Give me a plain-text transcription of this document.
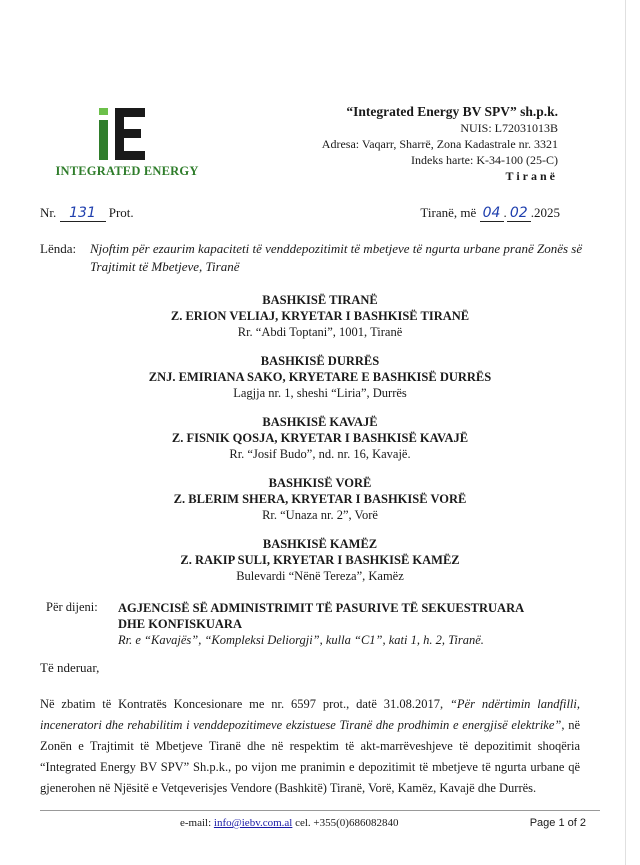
INTEGRATED ENERGY
“Integrated Energy BV SPV” sh.p.k.
NUIS: L72031013B
Adresa: Vaqarr, Sharrë, Zona Kadastrale nr. 3321
Indeks harte: K-34-100 (25-C)
Tiranë
Nr. 131 Prot.	Tiranë, më 04 . 02 .2025
Lënda: Njoftim për ezaurim kapaciteti të venddepozitimit të mbetjeve të ngurta urbane pranë Zonës së Trajtimit të Mbetjeve, Tiranë
BASHKISË TIRANË
Z. ERION VELIAJ, KRYETAR I BASHKISË TIRANË
Rr. “Abdi Toptani”, 1001, Tiranë
BASHKISË DURRËS
ZNJ. EMIRIANA SAKO, KRYETARE E BASHKISË DURRËS
Lagjja nr. 1, sheshi “Liria”, Durrës
BASHKISË KAVAJË
Z. FISNIK QOSJA, KRYETAR I BASHKISË KAVAJË
Rr. “Josif Budo”, nd. nr. 16, Kavajë.
BASHKISË VORË
Z. BLERIM SHERA, KRYETAR I BASHKISË VORË
Rr. “Unaza nr. 2”, Vorë
BASHKISË KAMËZ
Z. RAKIP SULI, KRYETAR I BASHKISË KAMËZ
Bulevardi “Nënë Tereza”, Kamëz
Për dijeni: AGJENCISË SË ADMINISTRIMIT TË PASURIVE TË SEKUESTRUARA
DHE KONFISKUARA
Rr. e “Kavajës”, “Kompleksi Deliorgji”, kulla “C1”, kati 1, h. 2, Tiranë.
Të nderuar,
Në zbatim të Kontratës Koncesionare me nr. 6597 prot., datë 31.08.2017, “Për ndërtimin landfilli, inceneratori dhe rehabilitim i venddepozitimeve ekzistuese Tiranë dhe prodhimin e energjisë elektrike”, në Zonën e Trajtimit të Mbetjeve Tiranë dhe në respektim të akt-marrëveshjeve të depozitimit shoqëria “Integrated Energy BV SPV” Sh.p.k., po vijon me pranimin e depozitimit të mbetjeve të ngurta urbane që gjenerohen në Njësitë e Vetqeverisjes Vendore (Bashkitë) Tiranë, Vorë, Kamëz, Kavajë dhe Durrës.
e-mail: info@iebv.com.al cel. +355(0)686082840	Page 1 of 2
